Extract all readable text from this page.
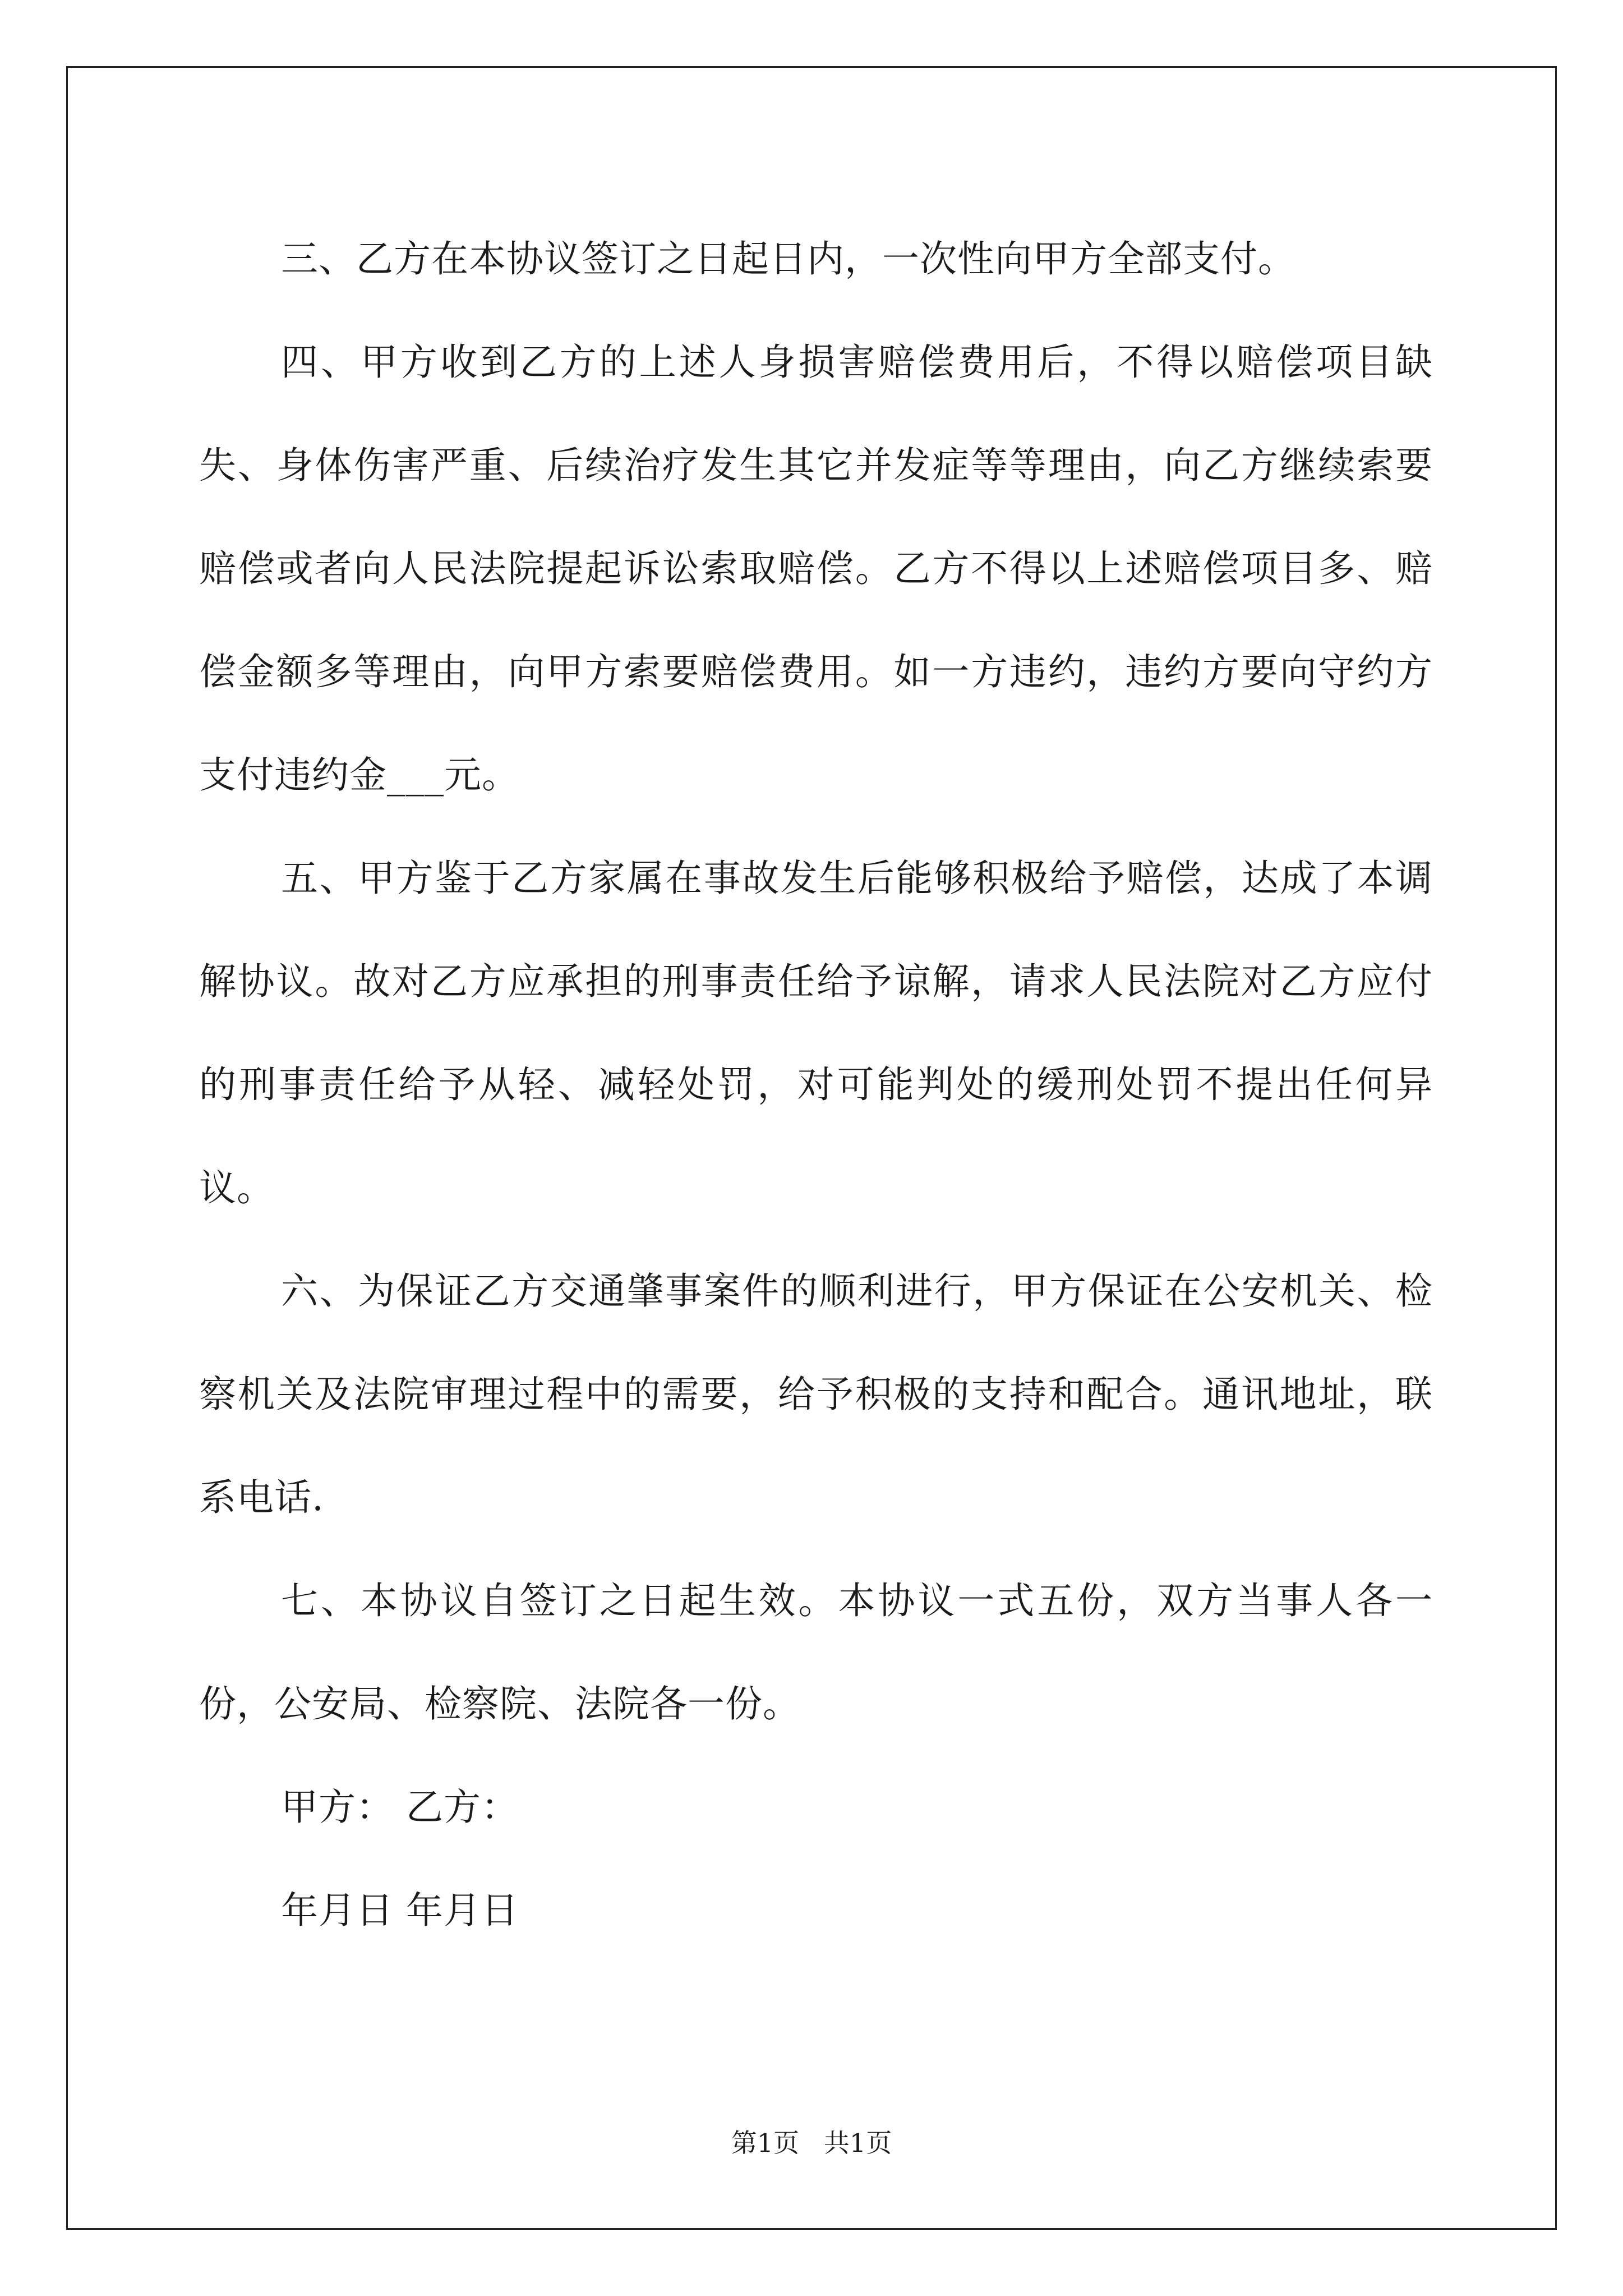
三、乙方在本协议签订之日起日内，一次性向甲方全部支付。

四、甲方收到乙方的上述人身损害赔偿费用后，不得以赔偿项目缺失、身体伤害严重、后续治疗发生其它并发症等等理由，向乙方继续索要赔偿或者向人民法院提起诉讼索取赔偿。乙方不得以上述赔偿项目多、赔偿金额多等理由，向甲方索要赔偿费用。如一方违约，违约方要向守约方支付违约金___元。

五、甲方鉴于乙方家属在事故发生后能够积极给予赔偿，达成了本调解协议。故对乙方应承担的刑事责任给予谅解，请求人民法院对乙方应付的刑事责任给予从轻、减轻处罚，对可能判处的缓刑处罚不提出任何异议。

六、为保证乙方交通肇事案件的顺利进行，甲方保证在公安机关、检察机关及法院审理过程中的需要，给予积极的支持和配合。通讯地址，联系电话.

七、本协议自签订之日起生效。本协议一式五份，双方当事人各一份，公安局、检察院、法院各一份。

甲方： 乙方：

年月日 年月日

第1页   共1页
